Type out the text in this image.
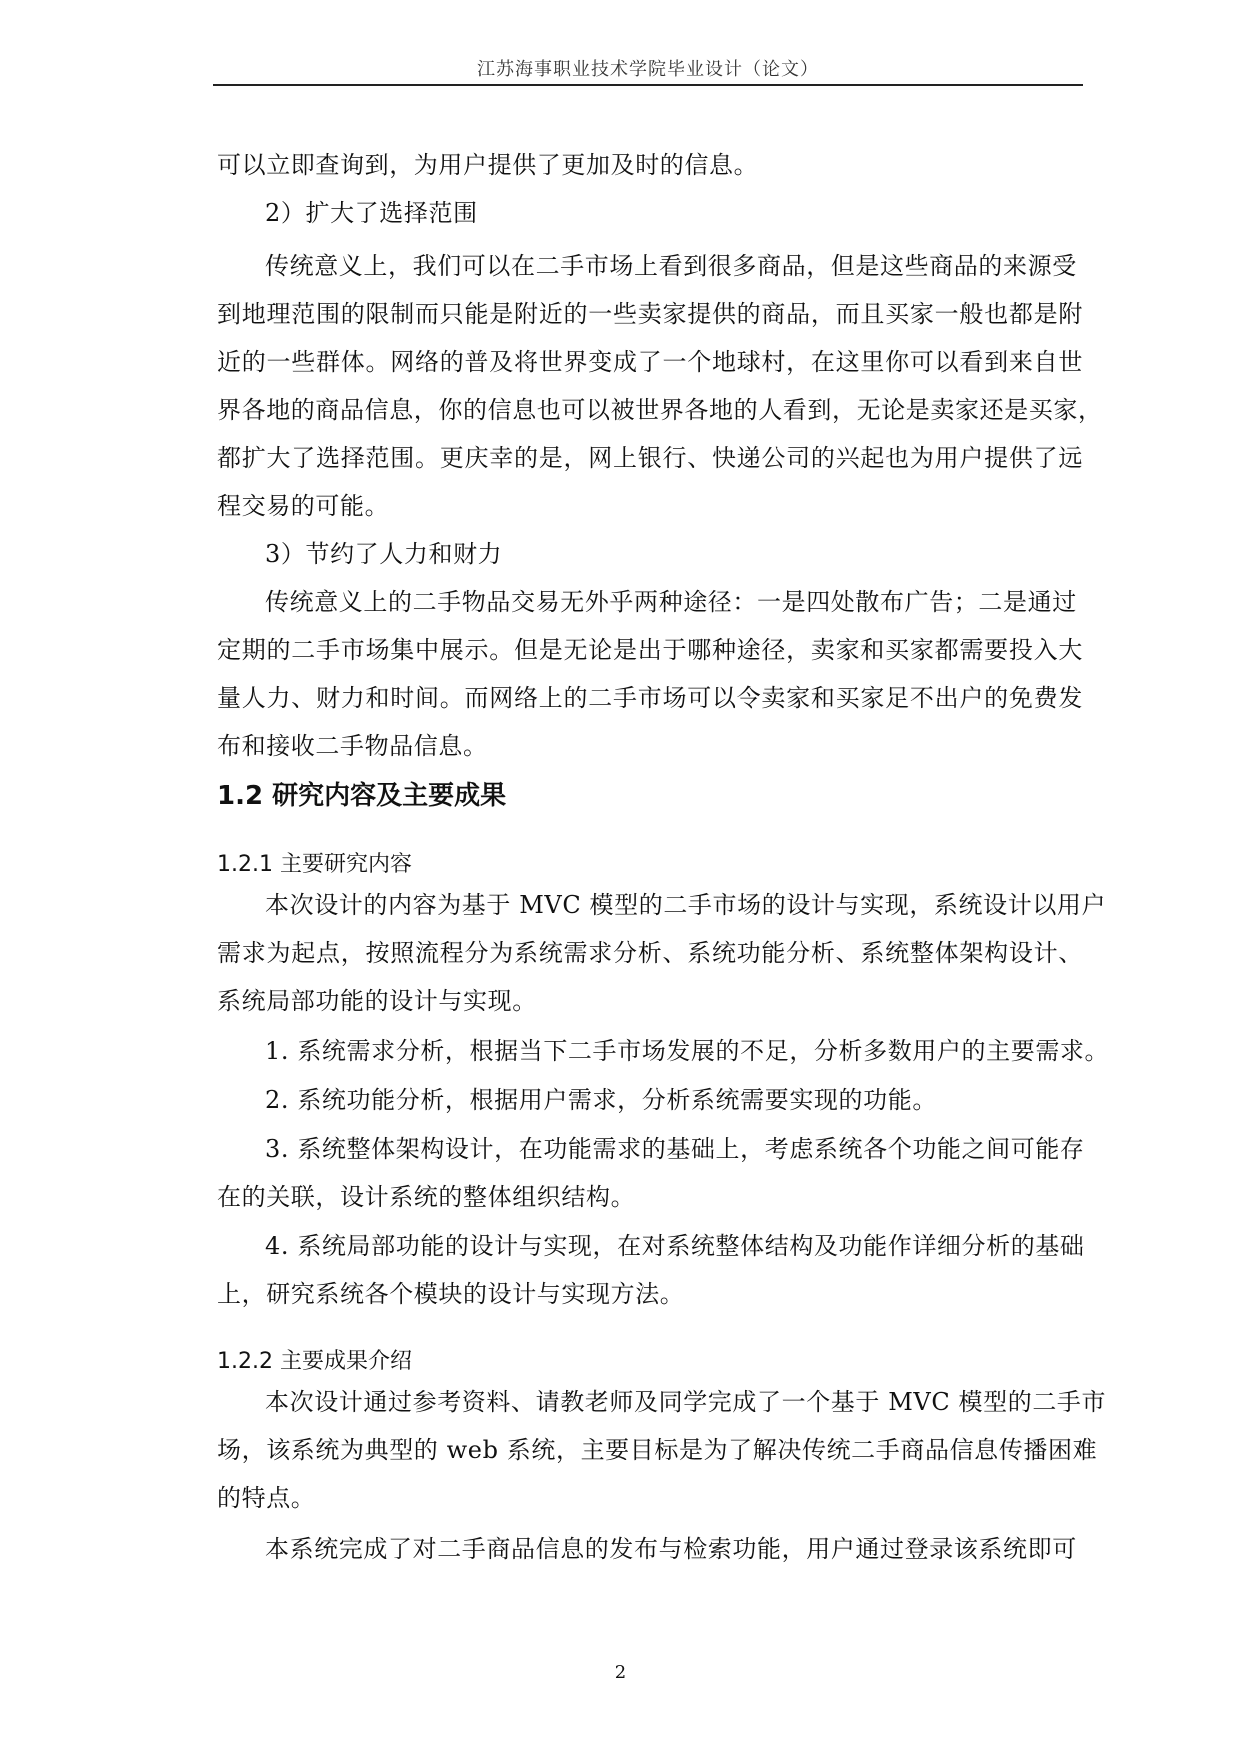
江苏海事职业技术学院毕业设计（论文）
可以立即查询到，为用户提供了更加及时的信息。
2）扩大了选择范围
传统意义上，我们可以在二手市场上看到很多商品，但是这些商品的来源受
到地理范围的限制而只能是附近的一些卖家提供的商品，而且买家一般也都是附
近的一些群体。网络的普及将世界变成了一个地球村，在这里你可以看到来自世
界各地的商品信息，你的信息也可以被世界各地的人看到，无论是卖家还是买家，
都扩大了选择范围。更庆幸的是，网上银行、快递公司的兴起也为用户提供了远
程交易的可能。
3）节约了人力和财力
传统意义上的二手物品交易无外乎两种途径：一是四处散布广告；二是通过
定期的二手市场集中展示。但是无论是出于哪种途径，卖家和买家都需要投入大
量人力、财力和时间。而网络上的二手市场可以令卖家和买家足不出户的免费发
布和接收二手物品信息。
1.2 研究内容及主要成果
1.2.1 主要研究内容
本次设计的内容为基于 MVC 模型的二手市场的设计与实现，系统设计以用户
需求为起点，按照流程分为系统需求分析、系统功能分析、系统整体架构设计、
系统局部功能的设计与实现。
1. 系统需求分析，根据当下二手市场发展的不足，分析多数用户的主要需求。
2. 系统功能分析，根据用户需求，分析系统需要实现的功能。
3. 系统整体架构设计，在功能需求的基础上，考虑系统各个功能之间可能存
在的关联，设计系统的整体组织结构。
4. 系统局部功能的设计与实现，在对系统整体结构及功能作详细分析的基础
上，研究系统各个模块的设计与实现方法。
1.2.2 主要成果介绍
本次设计通过参考资料、请教老师及同学完成了一个基于 MVC 模型的二手市
场，该系统为典型的 web 系统，主要目标是为了解决传统二手商品信息传播困难
的特点。
本系统完成了对二手商品信息的发布与检索功能，用户通过登录该系统即可
2
